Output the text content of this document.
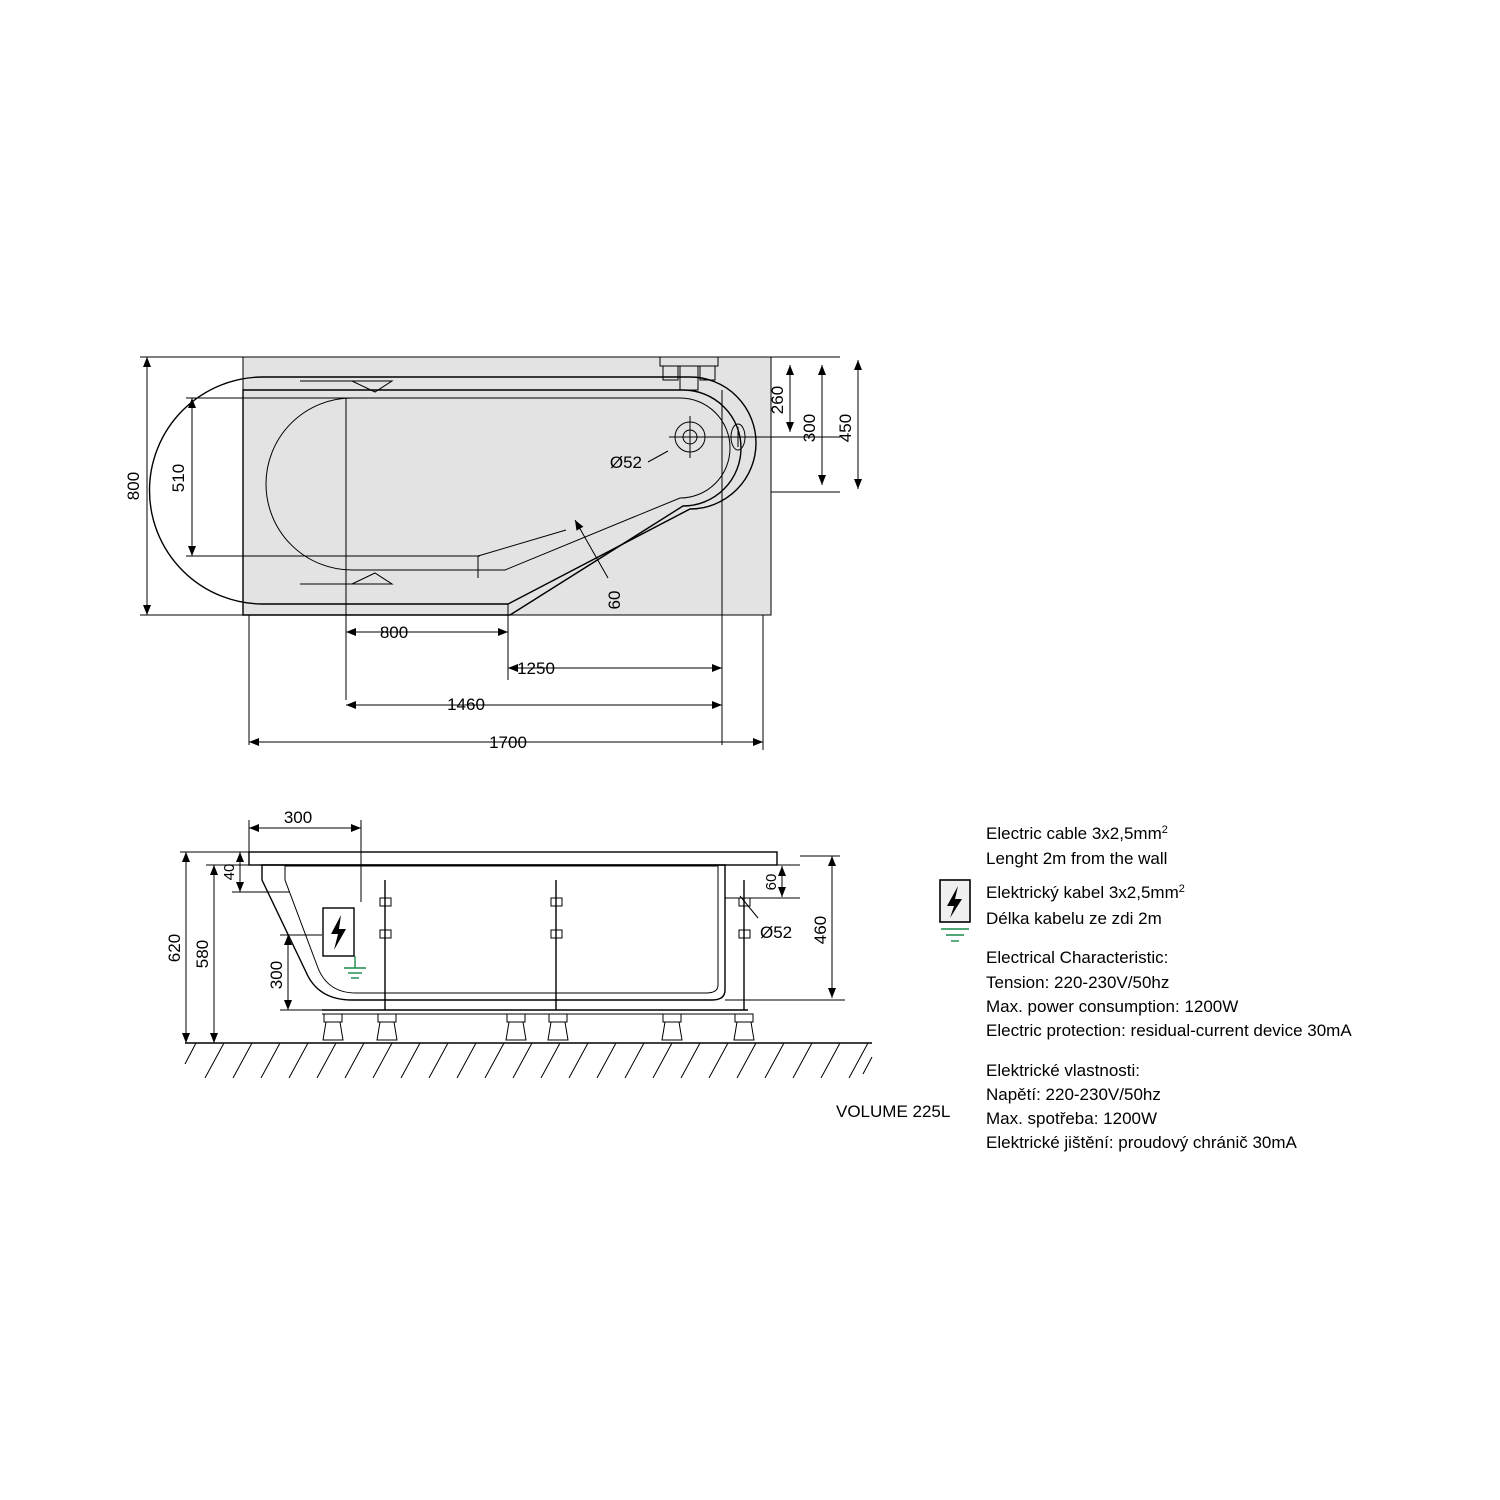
60
Ø52
800 510
260
300 450
800
1250
1460
1700
Ø52
300
40
580
620
300
60
460
VOLUME 225L
Electric cable $3x2,5mm^2$
Lenght 2m from the wall
Elektrický kabel $3x2,5mm^2$
Délka kabelu ze zdi 2m
Electrical Characteristic:
Tension: 220-230V/50hz
Max. power consumption: 1200W
Electric protection: residual-current device 30mA
Elektrické vlastnosti:
Napětí: 220-230V/50hz
Max. spotřeba: 1200W
Elektrické jištění: proudový chránič 30mA
